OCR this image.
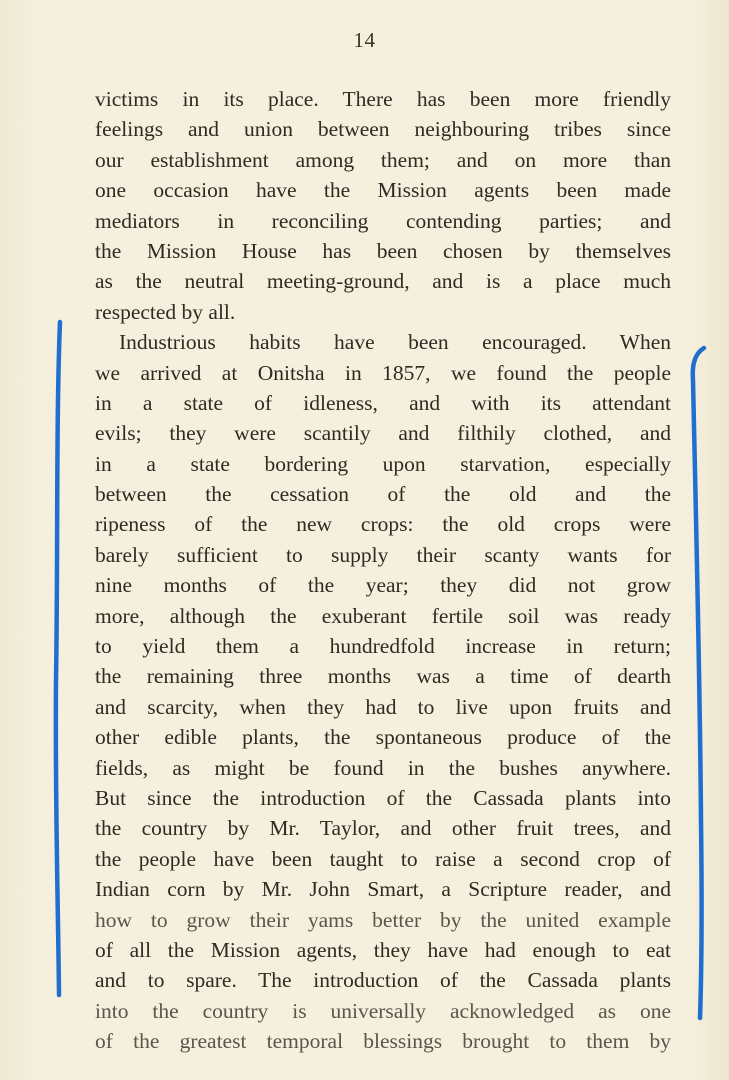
14
victims in its place. There has been more friendly
feelings and union between neighbouring tribes since
our establishment among them; and on more than
one occasion have the Mission agents been made
mediators in reconciling contending parties; and
the Mission House has been chosen by themselves
as the neutral meeting-ground, and is a place much
respected by all.
Industrious habits have been encouraged. When
we arrived at Onitsha in 1857, we found the people
in a state of idleness, and with its attendant
evils; they were scantily and filthily clothed, and
in a state bordering upon starvation, especially
between the cessation of the old and the
ripeness of the new crops: the old crops were
barely sufficient to supply their scanty wants for
nine months of the year; they did not grow
more, although the exuberant fertile soil was ready
to yield them a hundredfold increase in return;
the remaining three months was a time of dearth
and scarcity, when they had to live upon fruits and
other edible plants, the spontaneous produce of the
fields, as might be found in the bushes anywhere.
But since the introduction of the Cassada plants into
the country by Mr. Taylor, and other fruit trees, and
the people have been taught to raise a second crop of
Indian corn by Mr. John Smart, a Scripture reader, and
how to grow their yams better by the united example
of all the Mission agents, they have had enough to eat
and to spare. The introduction of the Cassada plants
into the country is universally acknowledged as one
of the greatest temporal blessings brought to them by
